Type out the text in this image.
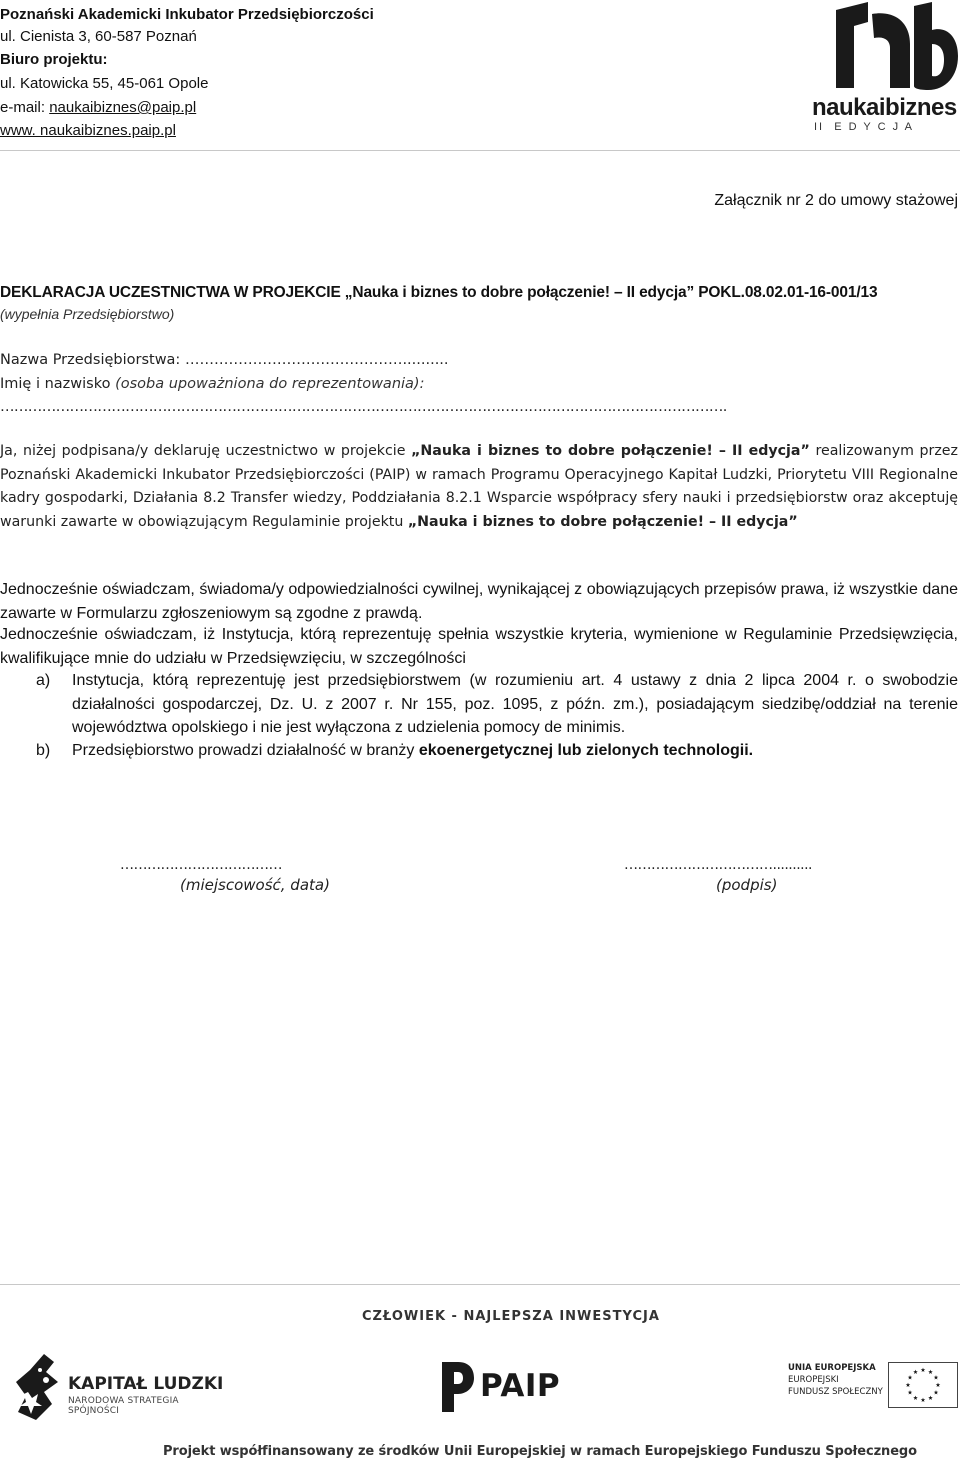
Poznański Akademicki Inkubator Przedsiębiorczości
ul. Cienista 3, 60-587 Poznań
Biuro projektu:
ul. Katowicka 55, 45-061 Opole
e-mail: naukaibiznes@paip.pl
www. naukaibiznes.paip.pl
naukaibiznes
II  E D Y C J A
Załącznik nr 2 do umowy stażowej
DEKLARACJA UCZESTNICTWA W PROJEKCIE „Nauka i biznes to dobre połączenie! – II edycja” POKL.08.02.01-16-001/13
(wypełnia Przedsiębiorstwo)
Nazwa Przedsiębiorstwa: ………………………………………..........
Imię i nazwisko (osoba upoważniona do reprezentowania):
………………………………………………………………………………………………………………………………………….
Ja, niżej podpisana/y deklaruję uczestnictwo w projekcie „Nauka i biznes to dobre połączenie! – II edycja” realizowanym przez Poznański Akademicki Inkubator Przedsiębiorczości (PAIP) w ramach Programu Operacyjnego Kapitał Ludzki, Priorytetu VIII Regionalne kadry gospodarki, Działania 8.2 Transfer wiedzy, Poddziałania 8.2.1 Wsparcie współpracy sfery nauki i przedsiębiorstw oraz akceptuję warunki zawarte w obowiązującym Regulaminie projektu „Nauka i biznes to dobre połączenie! – II edycja”
Jednocześnie oświadczam, świadoma/y odpowiedzialności cywilnej, wynikającej z obowiązujących przepisów prawa, iż wszystkie dane zawarte w Formularzu zgłoszeniowym są zgodne z prawdą.
Jednocześnie oświadczam, iż Instytucja, którą reprezentuję spełnia wszystkie kryteria, wymienione w Regulaminie Przedsięwzięcia, kwalifikujące mnie do udziału w Przedsięwzięciu, w szczególności
a) Instytucja, którą reprezentuję jest przedsiębiorstwem (w rozumieniu art. 4 ustawy z dnia 2 lipca 2004 r. o swobodzie działalności gospodarczej, Dz. U. z 2007 r. Nr 155, poz. 1095, z późn. zm.), posiadającym siedzibę/oddział na terenie województwa opolskiego i nie jest wyłączona z udzielenia pomocy de minimis.
b) Przedsiębiorstwo prowadzi działalność w branży ekoenergetycznej lub zielonych technologii.
………………………………
(miejscowość, data)
……………………………..........
(podpis)
CZŁOWIEK - NAJLEPSZA INWESTYCJA
KAPITAŁ LUDZKI
NARODOWA STRATEGIA SPÓJNOŚCI
PAIP	UNIA EUROPEJSKA
EUROPEJSKI
FUNDUSZ SPOŁECZNY
Projekt współfinansowany ze środków Unii Europejskiej w ramach Europejskiego Funduszu Społecznego
